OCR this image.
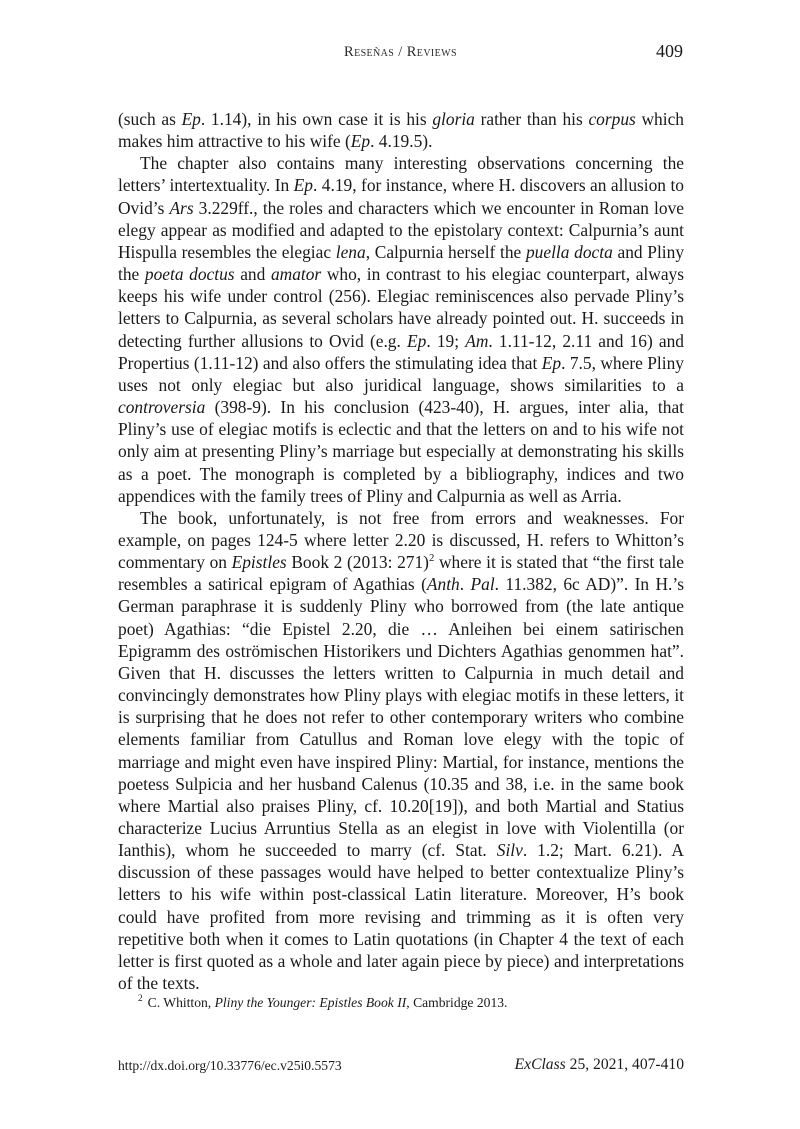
Reseñas / Reviews	409

(such as Ep. 1.14), in his own case it is his gloria rather than his corpus which makes him attractive to his wife (Ep. 4.19.5).

The chapter also contains many interesting observations concerning the letters’ intertextuality. In Ep. 4.19, for instance, where H. discovers an allusion to Ovid’s Ars 3.229ff., the roles and characters which we encounter in Roman love elegy appear as modified and adapted to the epistolary context: Calpurnia’s aunt Hispulla resembles the elegiac lena, Calpurnia herself the puella docta and Pliny the poeta doctus and amator who, in contrast to his elegiac counterpart, always keeps his wife under control (256). Elegiac reminiscences also pervade Pliny’s letters to Calpurnia, as several scholars have already pointed out. H. succeeds in detecting further allusions to Ovid (e.g. Ep. 19; Am. 1.11-12, 2.11 and 16) and Propertius (1.11-12) and also offers the stimulating idea that Ep. 7.5, where Pliny uses not only elegiac but also juridical language, shows similarities to a controversia (398-9). In his conclusion (423-40), H. argues, inter alia, that Pliny’s use of elegiac motifs is eclectic and that the letters on and to his wife not only aim at presenting Pliny’s marriage but especially at demonstrating his skills as a poet. The monograph is completed by a bibliography, indices and two appendices with the family trees of Pliny and Calpurnia as well as Arria.

The book, unfortunately, is not free from errors and weaknesses. For example, on pages 124-5 where letter 2.20 is discussed, H. refers to Whitton’s commentary on Epistles Book 2 (2013: 271)$^2$ where it is stated that “the first tale resembles a satirical epigram of Agathias (Anth. Pal. 11.382, 6c AD)”. In H.’s German paraphrase it is suddenly Pliny who borrowed from (the late antique poet) Agathias: “die Epistel 2.20, die … Anleihen bei einem satirischen Epigramm des oströmischen Historikers und Dichters Agathias genommen hat”. Given that H. discusses the letters written to Calpurnia in much detail and convincingly demonstrates how Pliny plays with elegiac motifs in these letters, it is surprising that he does not refer to other contemporary writers who combine elements familiar from Catullus and Roman love elegy with the topic of marriage and might even have inspired Pliny: Martial, for instance, mentions the poetess Sulpicia and her husband Calenus (10.35 and 38, i.e. in the same book where Martial also praises Pliny, cf. 10.20[19]), and both Martial and Statius characterize Lucius Arruntius Stella as an elegist in love with Violentilla (or Ianthis), whom he succeeded to marry (cf. Stat. Silv. 1.2; Mart. 6.21). A discussion of these passages would have helped to better contextualize Pliny’s letters to his wife within post-classical Latin literature. Moreover, H’s book could have profited from more revising and trimming as it is often very repetitive both when it comes to Latin quotations (in Chapter 4 the text of each letter is first quoted as a whole and later again piece by piece) and interpretations of the texts.

$^2$ C. Whitton, Pliny the Younger: Epistles Book II, Cambridge 2013.

http://dx.doi.org/10.33776/ec.v25i0.5573	ExClass 25, 2021, 407-410
